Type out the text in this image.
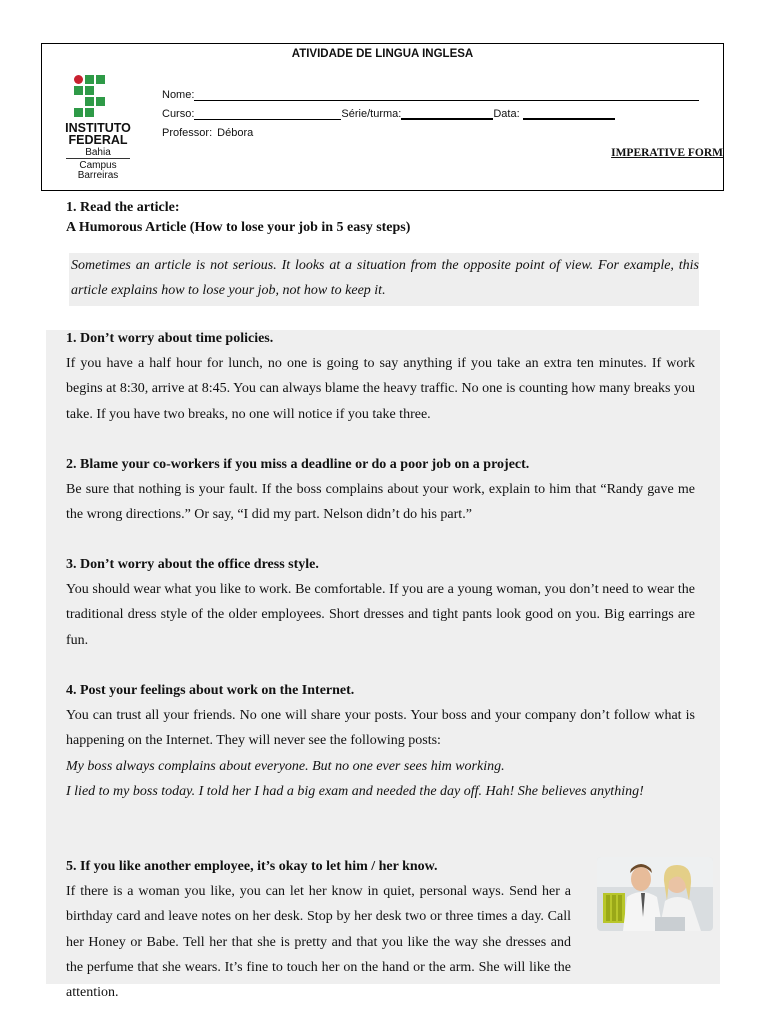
ATIVIDADE DE LINGUA INGLESA
INSTITUTO
FEDERAL
Bahia
Campus
Barreiras
Nome:
Curso:	Série/turma:	Data:
Professor: Débora
IMPERATIVE FORM
1. Read the article:
A Humorous Article (How to lose your job in 5 easy steps)

Sometimes an article is not serious. It looks at a situation from the opposite point of view. For example, this article explains how to lose your job, not how to keep it.

1. Don’t worry about time policies.

If you have a half hour for lunch, no one is going to say anything if you take an extra ten minutes. If work begins at 8:30, arrive at 8:45. You can always blame the heavy traffic. No one is counting how many breaks you take. If you have two breaks, no one will notice if you take three.

2. Blame your co-workers if you miss a deadline or do a poor job on a project.

Be sure that nothing is your fault. If the boss complains about your work, explain to him that “Randy gave me the wrong directions.” Or say, “I did my part. Nelson didn’t do his part.”

3. Don’t worry about the office dress style.

You should wear what you like to work. Be comfortable. If you are a young woman, you don’t need to wear the traditional dress style of the older employees. Short dresses and tight pants look good on you. Big earrings are fun.

4. Post your feelings about work on the Internet.

You can trust all your friends. No one will share your posts. Your boss and your company don’t follow what is happening on the Internet. They will never see the following posts:

My boss always complains about everyone. But no one ever sees him working.

I lied to my boss today. I told her I had a big exam and needed the day off. Hah! She believes anything!

5. If you like another employee, it’s okay to let him / her know.

If there is a woman you like, you can let her know in quiet, personal ways. Send her a birthday card and leave notes on her desk. Stop by her desk two or three times a day. Call her Honey or Babe. Tell her that she is pretty and that you like the way she dresses and the perfume that she wears. It’s fine to touch her on the hand or the arm. She will like the attention.
